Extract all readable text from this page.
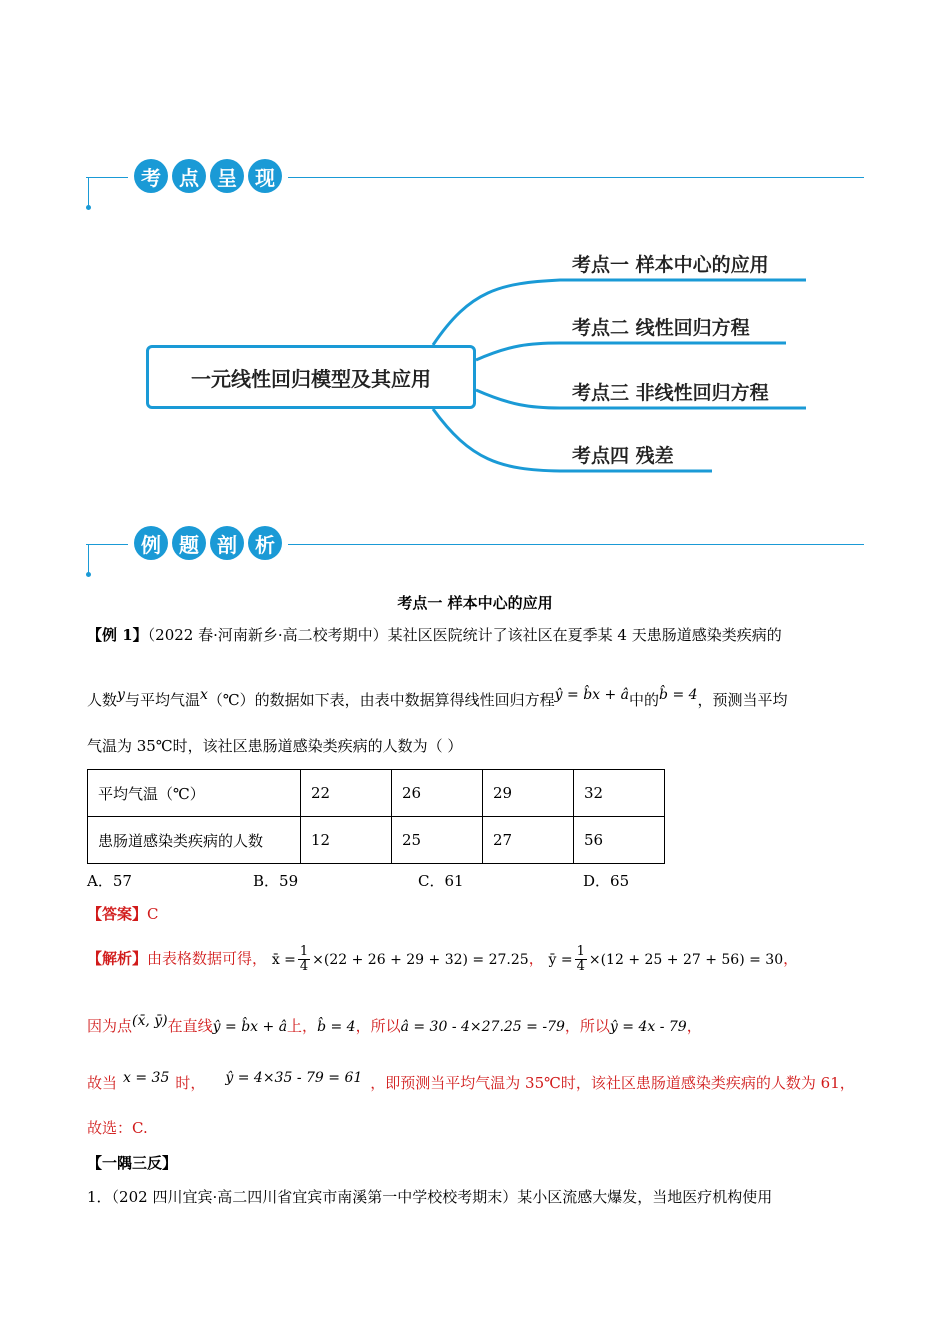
考 点 呈 现
一元线性回归模型及其应用
考点一 样本中心的应用
考点二 线性回归方程
考点三 非线性回归方程
考点四 残差
例 题 剖 析
考点一 样本中心的应用
【例 1】（2022 春·河南新乡·高二校考期中）某社区医院统计了该社区在夏季某 4 天患肠道感染类疾病的
人数$^y$与平均气温$^x$（℃）的数据如下表，由表中数据算得线性回归方程$^{ŷ = b̂x + â}$中的$^{b̂ = 4}$，预测当平均
气温为 35℃时，该社区患肠道感染类疾病的人数为（ ）
平均气温（℃）	22	26	29	32
患肠道感染类疾病的人数	12	25	27	56
A．57	B．59	C．61	D．65
【答案】C
【解析】由表格数据可得， x̄ = $\frac{1}{4} \times(22 + 26 + 29 + 32) = 27.25$， ȳ = $\frac{1}{4} \times(12 + 25 + 27 + 56) = 30$，
因为点$^{(x̄, ȳ)}$在直线ŷ = b̂x + â上，b̂ = 4，所以â = 30 - 4×27.25 = -79，所以ŷ = 4x - 79，
故当 $^{x = 35}$ 时， $^{ŷ = 4\times 35 - 79 = 61}$ ，即预测当平均气温为 35℃时，该社区患肠道感染类疾病的人数为 61，
故选：C.
【一隅三反】
1．（202 四川宜宾·高二四川省宜宾市南溪第一中学校校考期末）某小区流感大爆发，当地医疗机构使用
